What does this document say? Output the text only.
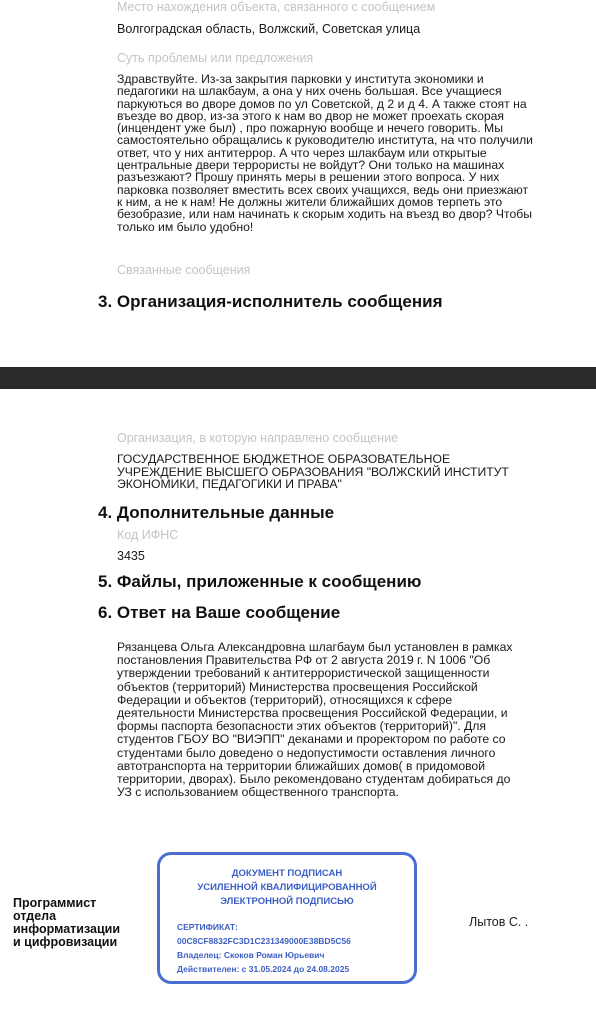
Место нахождения объекта, связанного с сообщением
Волгоградская область, Волжский, Советская улица
Суть проблемы или предложения
Здравствуйте. Из-за закрытия парковки у института экономики и
педагогики на шлакбаум, а она у них очень большая. Все учащиеся
паркуються во дворе домов по ул Советской, д 2 и д 4. А также стоят на
въезде во двор, из-за этого к нам во двор не может проехать скорая
(инцендент уже был) , про пожарную вообще и нечего говорить. Мы
самостоятельно обращались к руководителю института, на что получили
ответ, что у них антитеррор. А что через шлакбаум или открытые
центральные двери террористы не войдут? Они только на машинах
разъезжают? Прошу принять меры в решении этого вопроса. У них
парковка позволяет вместить всех своих учащихся, ведь они приезжают
к ним, а не к нам! Не должны жители ближайших домов терпеть это
безобразие, или нам начинать к скорым ходить на въезд во двор? Чтобы
только им было удобно!
Связанные сообщения
3. Организация-исполнитель сообщения
Организация, в которую направлено сообщение
ГОСУДАРСТВЕННОЕ БЮДЖЕТНОЕ ОБРАЗОВАТЕЛЬНОЕ
УЧРЕЖДЕНИЕ ВЫСШЕГО ОБРАЗОВАНИЯ "ВОЛЖСКИЙ ИНСТИТУТ
ЭКОНОМИКИ, ПЕДАГОГИКИ И ПРАВА"
4. Дополнительные данные
Код ИФНС
3435
5. Файлы, приложенные к сообщению
6. Ответ на Ваше сообщение
Рязанцева Ольга Александровна шлагбаум был установлен в рамках
постановления Правительства РФ от 2 августа 2019 г. N 1006 "Об
утверждении требований к антитеррористической защищенности
объектов (территорий) Министерства просвещения Российской
Федерации и объектов (территорий), относящихся к сфере
деятельности Министерства просвещения Российской Федерации, и
формы паспорта безопасности этих объектов (территорий)". Для
студентов ГБОУ ВО "ВИЭПП" деканами и проректором по работе со
студентами было доведено о недопустимости оставления личного
автотранспорта на территории ближайших домов( в придомовой
территории, дворах). Было рекомендовано студентам добираться до
УЗ с использованием общественного транспорта.
Программист
отдела
информатизации
и цифровизации
ДОКУМЕНТ ПОДПИСАН
УСИЛЕННОЙ КВАЛИФИЦИРОВАННОЙ
ЭЛЕКТРОННОЙ ПОДПИСЬЮ
СЕРТИФИКАТ:
00C8CF8832FC3D1C231349000E38BD5C56
Владелец: Скоков Роман Юрьевич
Действителен: с 31.05.2024 до 24.08.2025
Лытов С. .
